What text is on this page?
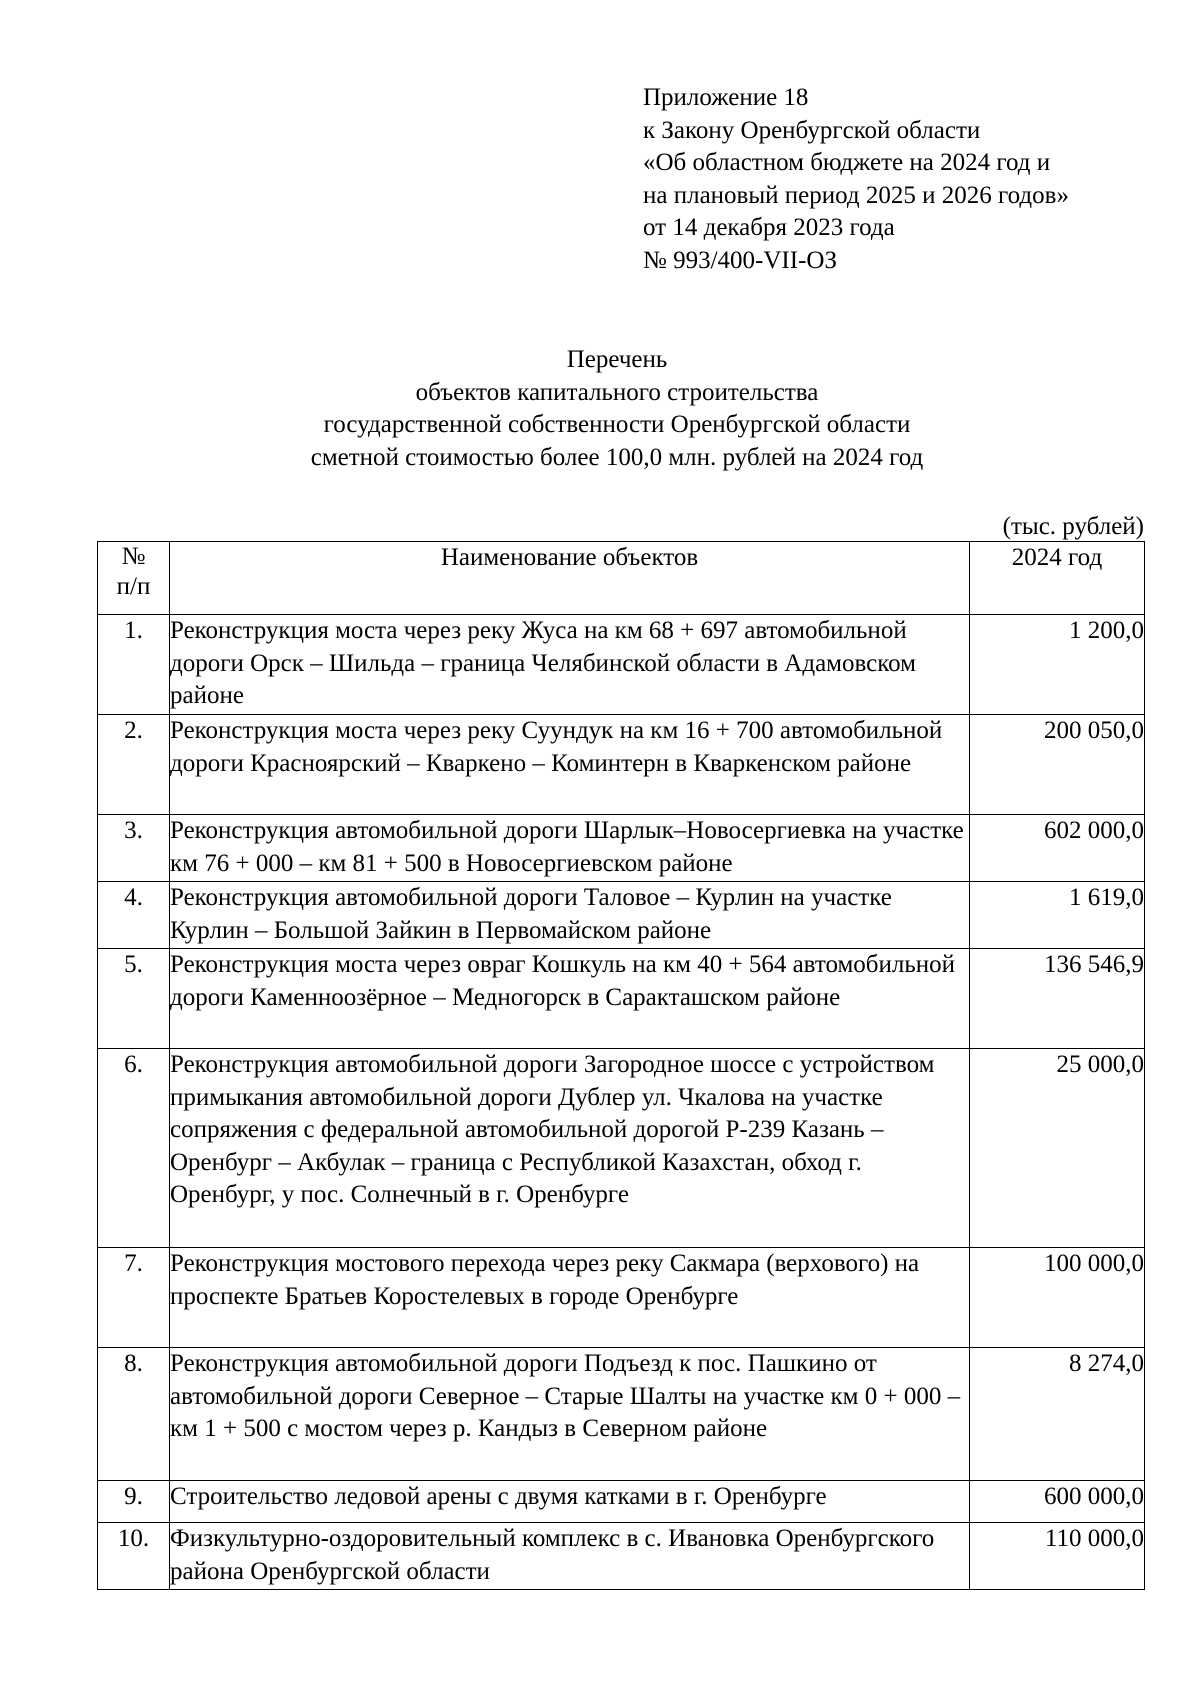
Приложение 18
к Закону Оренбургской области
«Об областном бюджете на 2024 год и
на плановый период 2025 и 2026 годов»
от 14 декабря 2023 года
№ 993/400-VII-ОЗ
Перечень
объектов капитального строительства
государственной собственности Оренбургской области
сметной стоимостью более 100,0 млн. рублей на 2024 год
(тыс. рублей)
№
п/п	Наименование объектов	2024 год
1.	Реконструкция моста через реку Жуса на км 68 + 697 автомобильной дороги Орск – Шильда – граница Челябинской области в Адамовском районе	1 200,0
2.	Реконструкция моста через реку Суундук на км 16 + 700 автомобильной дороги Красноярский – Кваркено – Коминтерн в Кваркенском районе	200 050,0
3.	Реконструкция автомобильной дороги Шарлык–Новосергиевка на участке км 76 + 000 – км 81 + 500 в Новосергиевском районе	602 000,0
4.	Реконструкция автомобильной дороги Таловое – Курлин на участке Курлин – Большой Зайкин в Первомайском районе	1 619,0
5.	Реконструкция моста через овраг Кошкуль на км 40 + 564 автомобильной дороги Каменноозёрное – Медногорск в Саракташском районе	136 546,9
6.	Реконструкция автомобильной дороги Загородное шоссе с устройством примыкания автомобильной дороги Дублер ул. Чкалова на участке сопряжения с федеральной автомобильной дорогой Р-239 Казань – Оренбург – Акбулак – граница с Республикой Казахстан, обход г. Оренбург, у пос. Солнечный в г. Оренбурге	25 000,0
7.	Реконструкция мостового перехода через реку Сакмара (верхового) на проспекте Братьев Коростелевых в городе Оренбурге	100 000,0
8.	Реконструкция автомобильной дороги Подъезд к пос. Пашкино от автомобильной дороги Северное – Старые Шалты на участке км 0 + 000 – км 1 + 500 с мостом через р. Кандыз в Северном районе	8 274,0
9.	Строительство ледовой арены с двумя катками в г. Оренбурге	600 000,0
10.	Физкультурно-оздоровительный комплекс в с. Ивановка Оренбургского района Оренбургской области	110 000,0
